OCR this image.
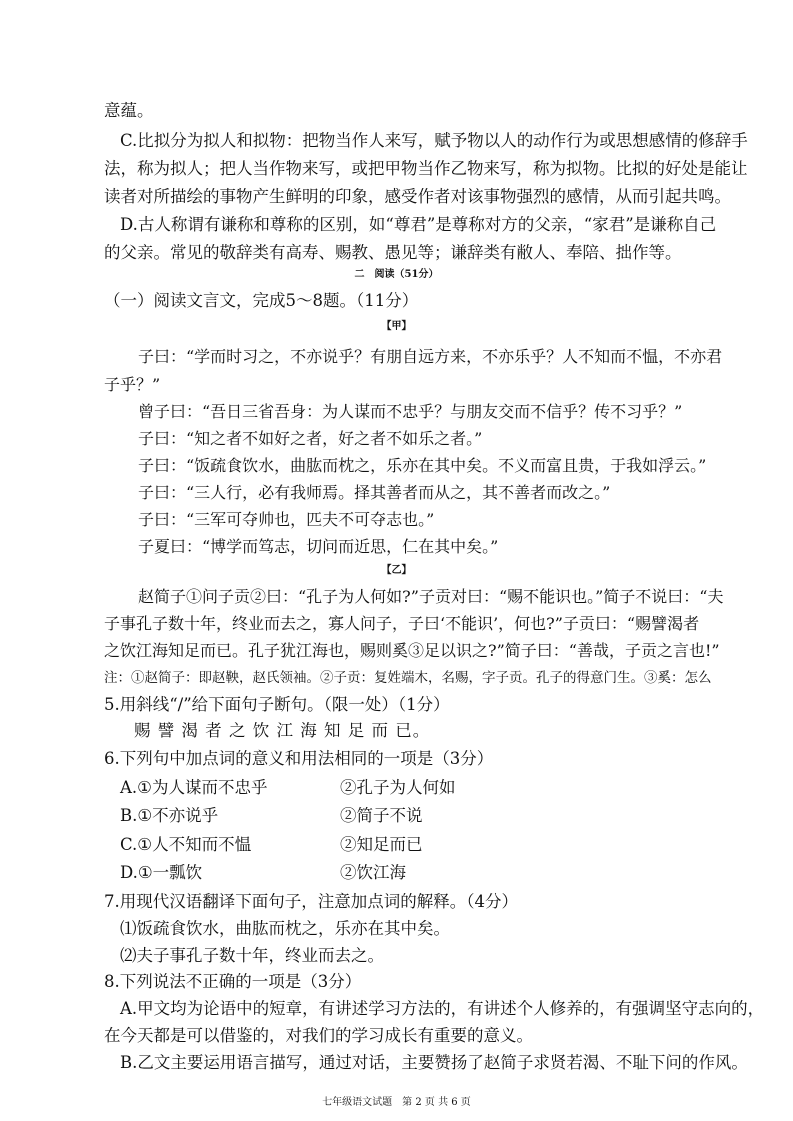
意蕴。
C.比拟分为拟人和拟物：把物当作人来写，赋予物以人的动作行为或思想感情的修辞手
法，称为拟人；把人当作物来写，或把甲物当作乙物来写，称为拟物。比拟的好处是能让
读者对所描绘的事物产生鲜明的印象，感受作者对该事物强烈的感情，从而引起共鸣。
D.古人称谓有谦称和尊称的区别，如“尊君”是尊称对方的父亲，“家君”是谦称自己
的父亲。常见的敬辞类有高寿、赐教、愚见等；谦辞类有敝人、奉陪、拙作等。
二　阅读（51分）
（一）阅读文言文，完成5～8题。（11分）
【甲】
子曰：“学而时习之，不亦说乎？有朋自远方来，不亦乐乎？人不知而不愠，不亦君
子乎？”
曾子曰：“吾日三省吾身：为人谋而不忠乎？与朋友交而不信乎？传不习乎？”
子曰：“知之者不如好之者，好之者不如乐之者。”
子曰：“饭疏食饮水，曲肱而枕之，乐亦在其中矣。不义而富且贵，于我如浮云。”
子曰：“三人行，必有我师焉。择其善者而从之，其不善者而改之。”
子曰：“三军可夺帅也，匹夫不可夺志也。”
子夏曰：“博学而笃志，切问而近思，仁在其中矣。”
【乙】
赵简子①问子贡②曰：“孔子为人何如?”子贡对曰：“赐不能识也。”简子不说曰：“夫
子事孔子数十年，终业而去之，寡人问子，子曰‘不能识’，何也?”子贡曰：“赐譬渴者
之饮江海知足而已。孔子犹江海也，赐则奚③足以识之?”简子曰：“善哉，子贡之言也!”
注：①赵简子：即赵鞅，赵氏领袖。②子贡：复姓端木，名赐，字子贡。孔子的得意门生。③奚：怎么
5.用斜线“/”给下面句子断句。（限一处）（1分）
赐 譬 渴 者 之 饮 江 海 知 足 而 已。
6.下列句中加点词的意义和用法相同的一项是（3分）
A.①为人谋而不忠乎	②孔子为人何如
B.①不亦说乎	②简子不说
C.①人不知而不愠	②知足而已
D.①一瓢饮	②饮江海
7.用现代汉语翻译下面句子，注意加点词的解释。（4分）
⑴饭疏食饮水，曲肱而枕之，乐亦在其中矣。
⑵夫子事孔子数十年，终业而去之。
8.下列说法不正确的一项是（3分）
A.甲文均为论语中的短章，有讲述学习方法的，有讲述个人修养的，有强调坚守志向的，
在今天都是可以借鉴的，对我们的学习成长有重要的意义。
B.乙文主要运用语言描写，通过对话，主要赞扬了赵简子求贤若渴、不耻下问的作风。
七年级语文试题　第 2 页 共 6 页
